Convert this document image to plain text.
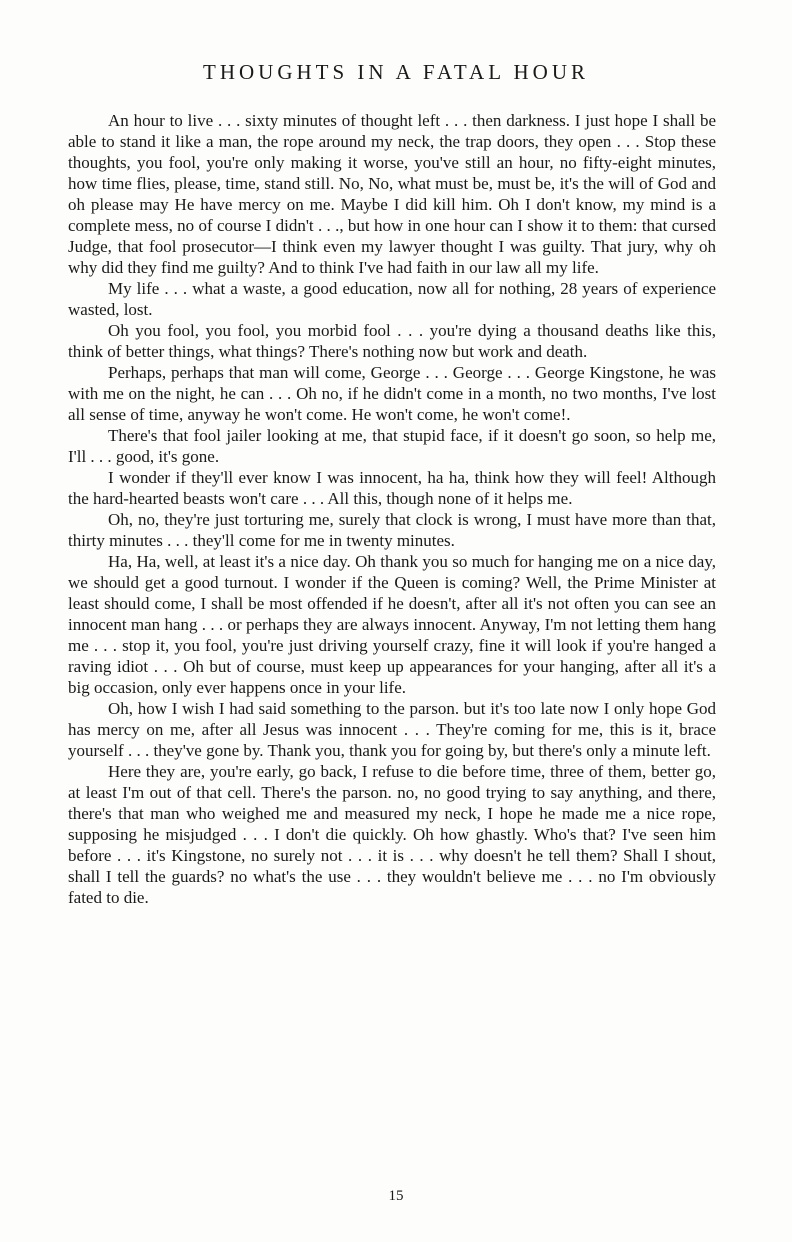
THOUGHTS IN A FATAL HOUR

An hour to live . . . sixty minutes of thought left . . . then darkness. I just hope I shall be able to stand it like a man, the rope around my neck, the trap doors, they open . . . Stop these thoughts, you fool, you're only making it worse, you've still an hour, no fifty-eight minutes, how time flies, please, time, stand still. No, No, what must be, must be, it's the will of God and oh please may He have mercy on me. Maybe I did kill him. Oh I don't know, my mind is a complete mess, no of course I didn't . . ., but how in one hour can I show it to them: that cursed Judge, that fool prosecutor—I think even my lawyer thought I was guilty. That jury, why oh why did they find me guilty? And to think I've had faith in our law all my life.

My life . . . what a waste, a good education, now all for nothing, 28 years of experience wasted, lost.

Oh you fool, you fool, you morbid fool . . . you're dying a thousand deaths like this, think of better things, what things? There's nothing now but work and death.

Perhaps, perhaps that man will come, George . . . George . . . George Kingstone, he was with me on the night, he can . . . Oh no, if he didn't come in a month, no two months, I've lost all sense of time, anyway he won't come. He won't come, he won't come!.

There's that fool jailer looking at me, that stupid face, if it doesn't go soon, so help me, I'll . . . good, it's gone.

I wonder if they'll ever know I was innocent, ha ha, think how they will feel! Although the hard-hearted beasts won't care . . . All this, though none of it helps me.

Oh, no, they're just torturing me, surely that clock is wrong, I must have more than that, thirty minutes . . . they'll come for me in twenty minutes.

Ha, Ha, well, at least it's a nice day. Oh thank you so much for hanging me on a nice day, we should get a good turnout. I wonder if the Queen is coming? Well, the Prime Minister at least should come, I shall be most offended if he doesn't, after all it's not often you can see an innocent man hang . . . or perhaps they are always innocent. Anyway, I'm not letting them hang me . . . stop it, you fool, you're just driving yourself crazy, fine it will look if you're hanged a raving idiot . . . Oh but of course, must keep up appearances for your hanging, after all it's a big occasion, only ever happens once in your life.

Oh, how I wish I had said something to the parson. but it's too late now I only hope God has mercy on me, after all Jesus was innocent . . . They're coming for me, this is it, brace yourself . . . they've gone by. Thank you, thank you for going by, but there's only a minute left.

Here they are, you're early, go back, I refuse to die before time, three of them, better go, at least I'm out of that cell. There's the parson. no, no good trying to say anything, and there, there's that man who weighed me and measured my neck, I hope he made me a nice rope, supposing he misjudged . . . I don't die quickly. Oh how ghastly. Who's that? I've seen him before . . . it's Kingstone, no surely not . . . it is . . . why doesn't he tell them? Shall I shout, shall I tell the guards? no what's the use . . . they wouldn't believe me . . . no I'm obviously fated to die.

15
